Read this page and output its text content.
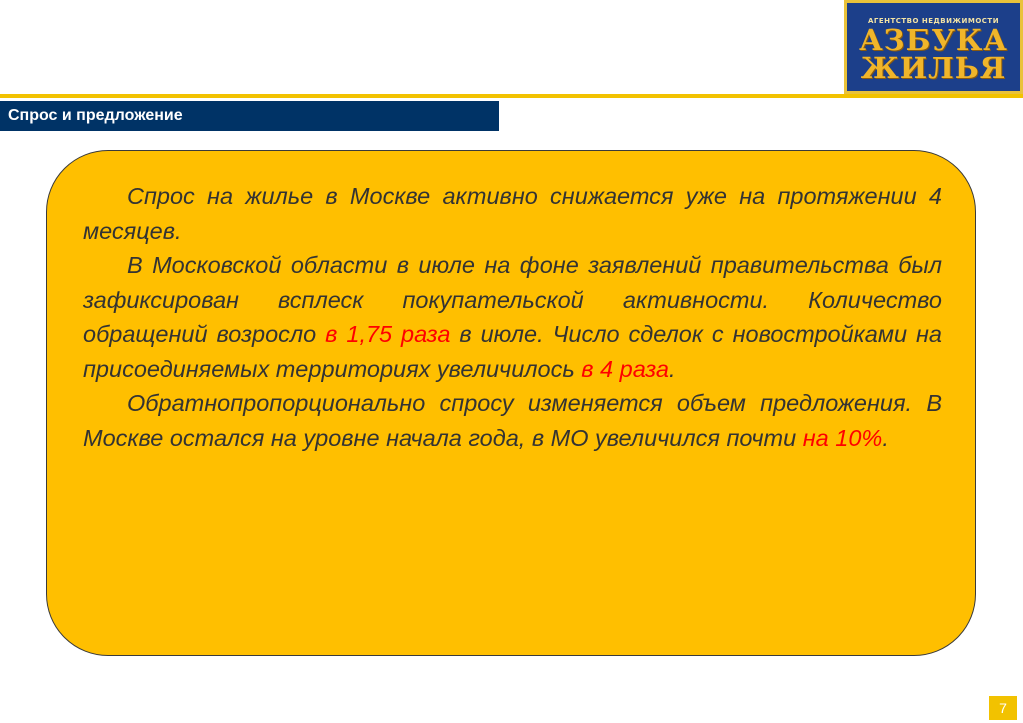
АГЕНТСТВО НЕДВИЖИМОСТИ
АЗБУКА
ЖИЛЬЯ
Спрос и предложение

Спрос на жилье в Москве активно снижается уже на протяжении 4 месяцев.

В Московской области в июле на фоне заявлений правительства был зафиксирован всплеск покупательской активности. Количество обращений возросло в 1,75 раза в июле. Число сделок с новостройками на присоединяемых территориях увеличилось в 4 раза.

Обратнопропорционально спросу изменяется объем предложения. В Москве остался на уровне начала года, в МО увеличился почти на 10%.

7
